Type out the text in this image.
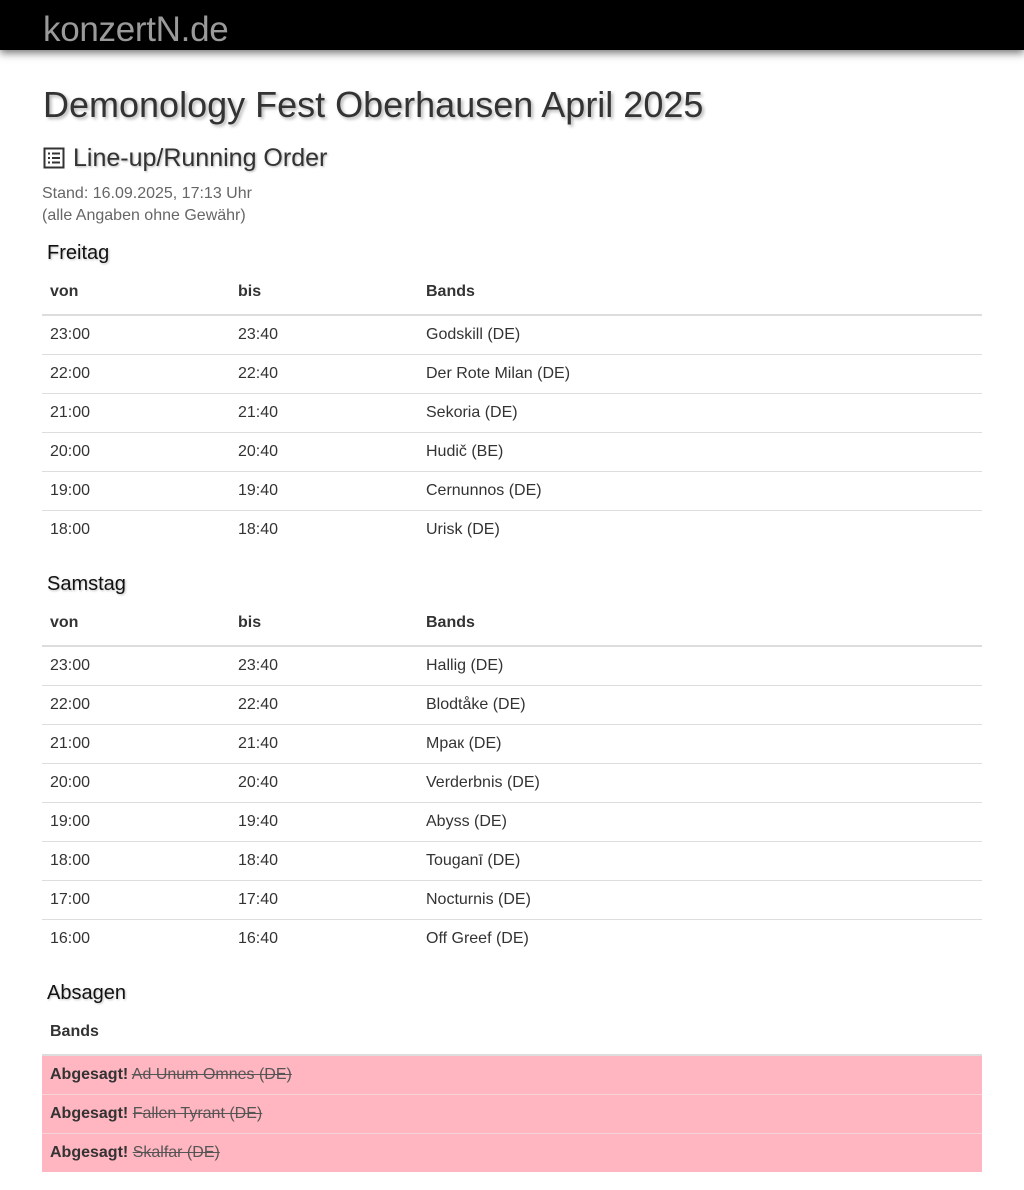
konzertN.de
Demonology Fest Oberhausen April 2025
Line-up/Running Order
Stand: 16.09.2025, 17:13 Uhr
(alle Angaben ohne Gewähr)
Freitag
von	bis	Bands
23:00	23:40	Godskill (DE)
22:00	22:40	Der Rote Milan (DE)
21:00	21:40	Sekoria (DE)
20:00	20:40	Hudič (BE)
19:00	19:40	Cernunnos (DE)
18:00	18:40	Urisk (DE)
Samstag
von	bis	Bands
23:00	23:40	Hallig (DE)
22:00	22:40	Blodtåke (DE)
21:00	21:40	Мрак (DE)
20:00	20:40	Verderbnis (DE)
19:00	19:40	Abyss (DE)
18:00	18:40	Touganī (DE)
17:00	17:40	Nocturnis (DE)
16:00	16:40	Off Greef (DE)
Absagen
Bands
Abgesagt! Ad Unum Omnes (DE)
Abgesagt! Fallen Tyrant (DE)
Abgesagt! Skalfar (DE)
